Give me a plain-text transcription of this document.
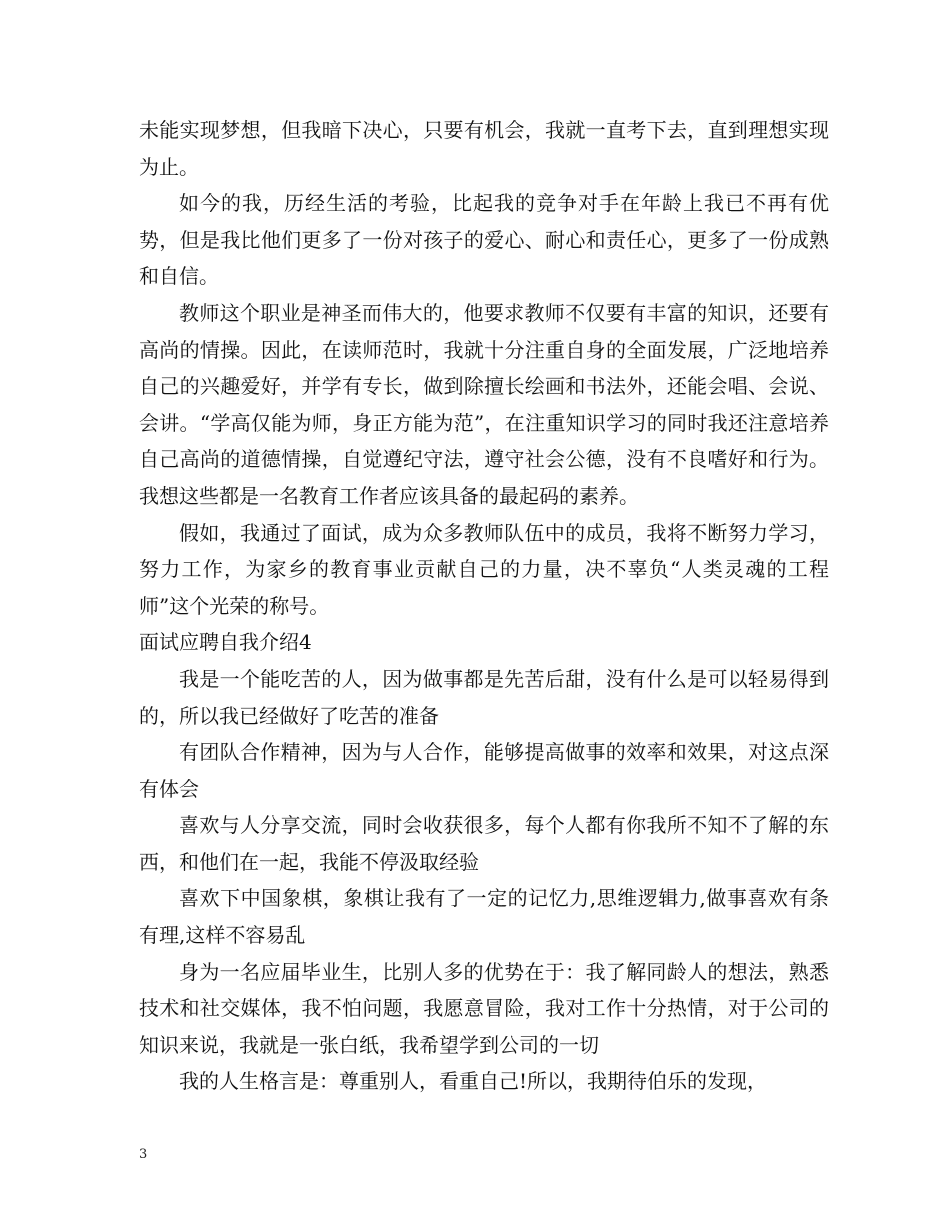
未能实现梦想，但我暗下决心，只要有机会，我就一直考下去，直到理想实现为止。

如今的我，历经生活的考验，比起我的竞争对手在年龄上我已不再有优势，但是我比他们更多了一份对孩子的爱心、耐心和责任心，更多了一份成熟和自信。

教师这个职业是神圣而伟大的，他要求教师不仅要有丰富的知识，还要有高尚的情操。因此，在读师范时，我就十分注重自身的全面发展，广泛地培养自己的兴趣爱好，并学有专长，做到除擅长绘画和书法外，还能会唱、会说、会讲。“学高仅能为师，身正方能为范”，在注重知识学习的同时我还注意培养自己高尚的道德情操，自觉遵纪守法，遵守社会公德，没有不良嗜好和行为。我想这些都是一名教育工作者应该具备的最起码的素养。

假如，我通过了面试，成为众多教师队伍中的成员，我将不断努力学习，努力工作，为家乡的教育事业贡献自己的力量，决不辜负“人类灵魂的工程师”这个光荣的称号。

面试应聘自我介绍4

我是一个能吃苦的人，因为做事都是先苦后甜，没有什么是可以轻易得到的，所以我已经做好了吃苦的准备

有团队合作精神，因为与人合作，能够提高做事的效率和效果，对这点深有体会

喜欢与人分享交流，同时会收获很多，每个人都有你我所不知不了解的东西，和他们在一起，我能不停汲取经验

喜欢下中国象棋，象棋让我有了一定的记忆力,思维逻辑力,做事喜欢有条有理,这样不容易乱

身为一名应届毕业生，比别人多的优势在于：我了解同龄人的想法，熟悉技术和社交媒体，我不怕问题，我愿意冒险，我对工作十分热情，对于公司的知识来说，我就是一张白纸，我希望学到公司的一切

我的人生格言是：尊重别人，看重自己!所以，我期待伯乐的发现，

3
